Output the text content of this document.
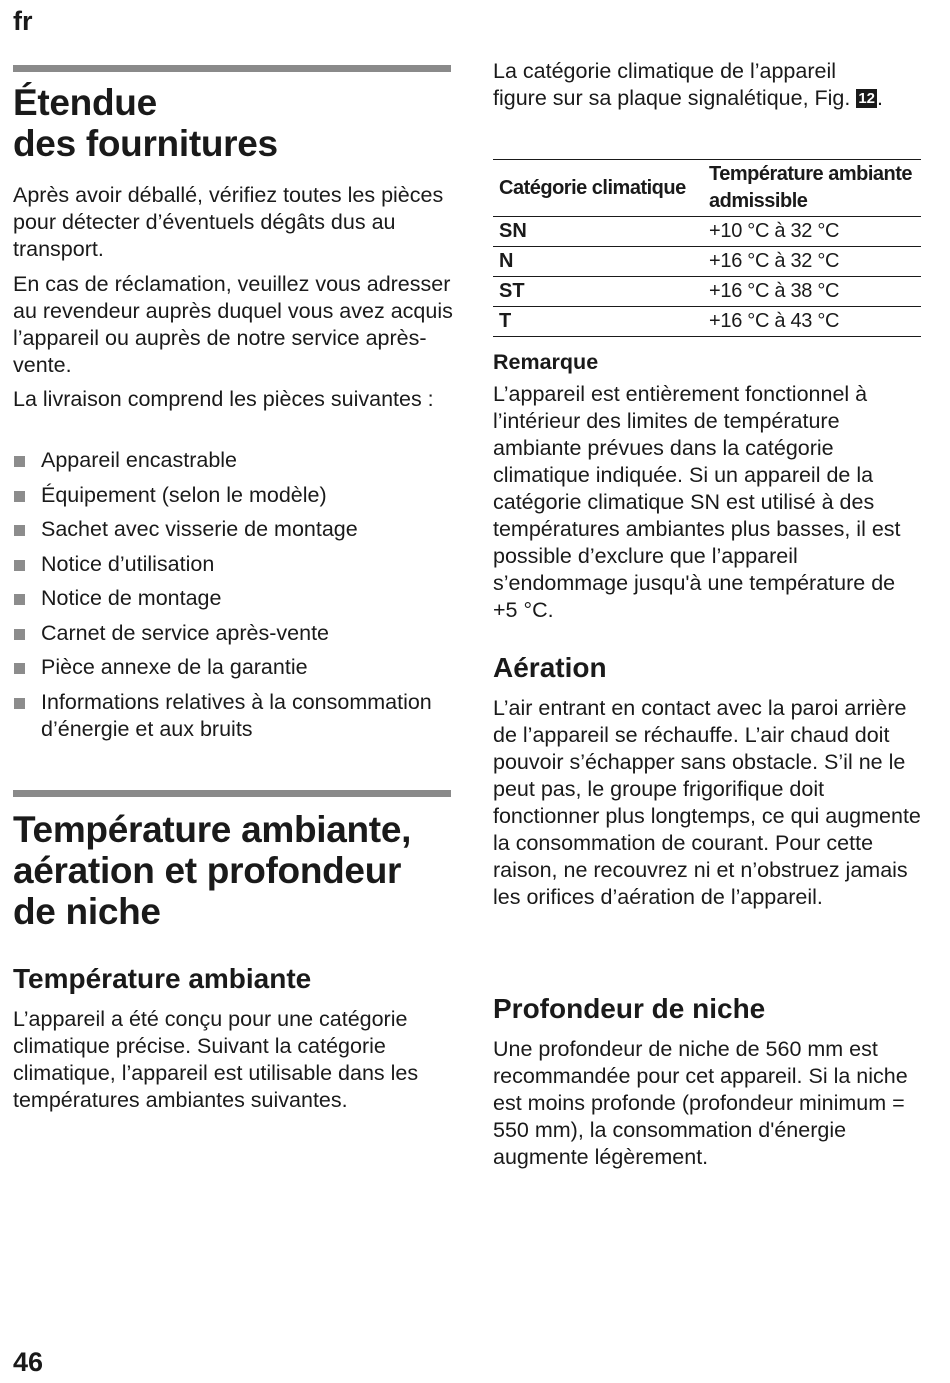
fr
Étendue
des fournitures

Après avoir déballé, vérifiez toutes les pièces pour détecter d’éventuels dégâts dus au transport.

En cas de réclamation, veuillez vous adresser au revendeur auprès duquel vous avez acquis l’appareil ou auprès de notre service après-vente.

La livraison comprend les pièces suivantes :

Appareil encastrable
Équipement (selon le modèle)
Sachet avec visserie de montage
Notice d’utilisation
Notice de montage
Carnet de service après-vente
Pièce annexe de la garantie
Informations relatives à la consommation d’énergie et aux bruits
Température ambiante, aération et profondeur de niche
Température ambiante

L’appareil a été conçu pour une catégorie climatique précise. Suivant la catégorie climatique, l’appareil est utilisable dans les températures ambiantes suivantes.

La catégorie climatique de l’appareil figure sur sa plaque signalétique, Fig. 12.

Catégorie climatique	Température ambiante admissible
SN	+10 °C à 32 °C
N	+16 °C à 32 °C
ST	+16 °C à 38 °C
T	+16 °C à 43 °C
Remarque

L’appareil est entièrement fonctionnel à l’intérieur des limites de température ambiante prévues dans la catégorie climatique indiquée. Si un appareil de la catégorie climatique SN est utilisé à des températures ambiantes plus basses, il est possible d’exclure que l’appareil s’endommage jusqu'à une température de +5 °C.

Aération

L’air entrant en contact avec la paroi arrière de l’appareil se réchauffe. L’air chaud doit pouvoir s’échapper sans obstacle. S’il ne le peut pas, le groupe frigorifique doit fonctionner plus longtemps, ce qui augmente la consommation de courant. Pour cette raison, ne recouvrez ni et n’obstruez jamais les orifices d’aération de l’appareil.

Profondeur de niche

Une profondeur de niche de 560 mm est recommandée pour cet appareil. Si la niche est moins profonde (profondeur minimum = 550 mm), la consommation d'énergie augmente légèrement.

46
